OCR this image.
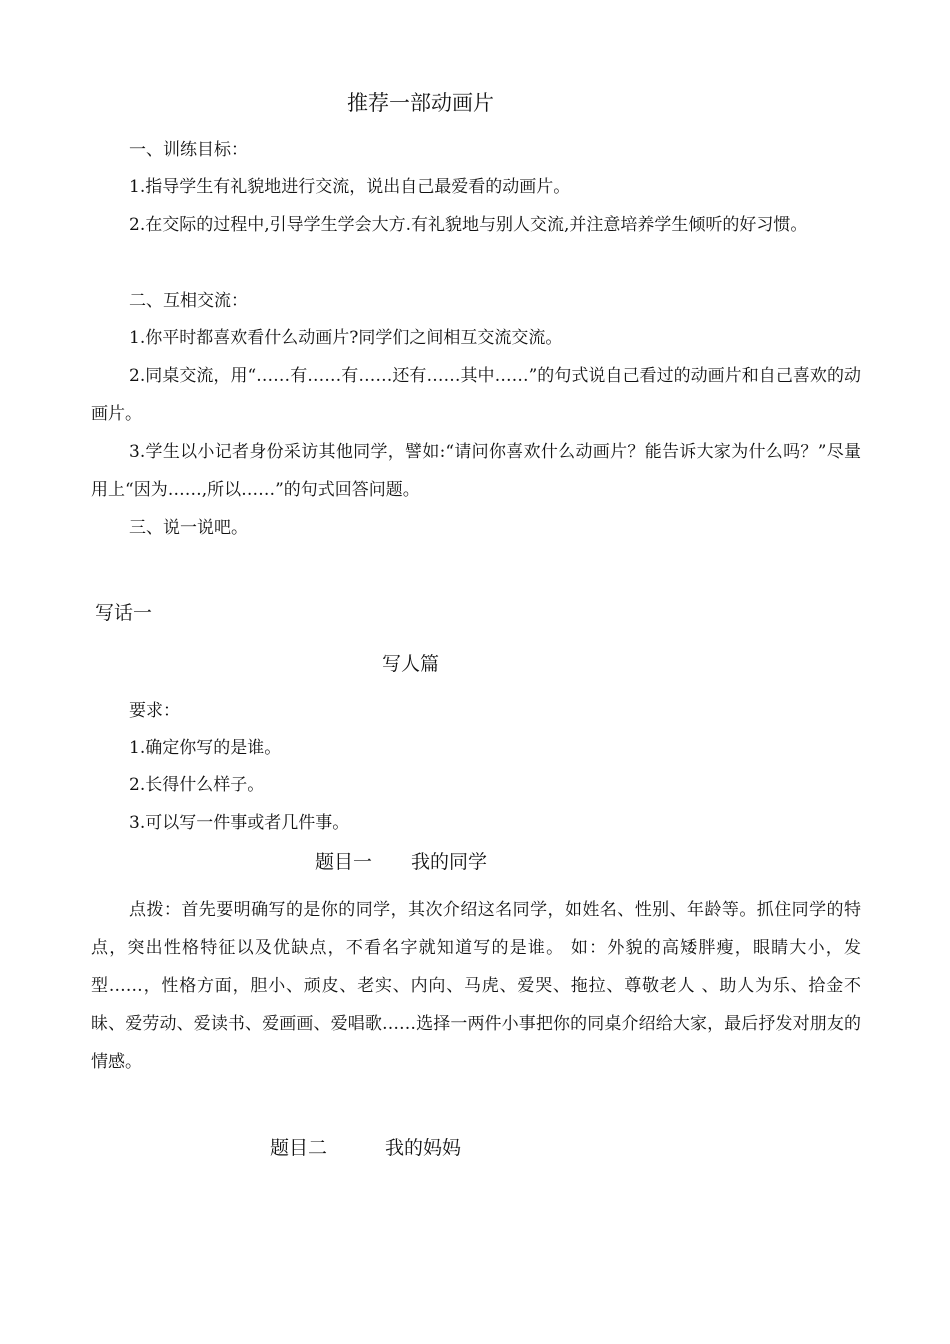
推荐一部动画片
一、训练目标：
1.指导学生有礼貌地进行交流，说出自己最爱看的动画片。
2.在交际的过程中,引导学生学会大方.有礼貌地与别人交流,并注意培养学生倾听的好习惯。
二、互相交流：
1.你平时都喜欢看什么动画片?同学们之间相互交流交流。
2.同桌交流，用“……有……有……还有……其中……”的句式说自己看过的动画片和自己喜欢的动画片。
3.学生以小记者身份采访其他同学，譬如:“请问你喜欢什么动画片？能告诉大家为什么吗？”尽量用上“因为……,所以……”的句式回答问题。
三、说一说吧。
写话一
写人篇
要求：
1.确定你写的是谁。
2.长得什么样子。
3.可以写一件事或者几件事。
题目一 我的同学
点拨：首先要明确写的是你的同学，其次介绍这名同学，如姓名、性别、年龄等。抓住同学的特点，突出性格特征以及优缺点，不看名字就知道写的是谁。 如：外貌的高矮胖瘦，眼睛大小，发型……，性格方面，胆小、顽皮、老实、内向、马虎、爱哭、拖拉、尊敬老人 、助人为乐、拾金不昧、爱劳动、爱读书、爱画画、爱唱歌……选择一两件小事把你的同桌介绍给大家，最后抒发对朋友的情感。
题目二	我的妈妈
